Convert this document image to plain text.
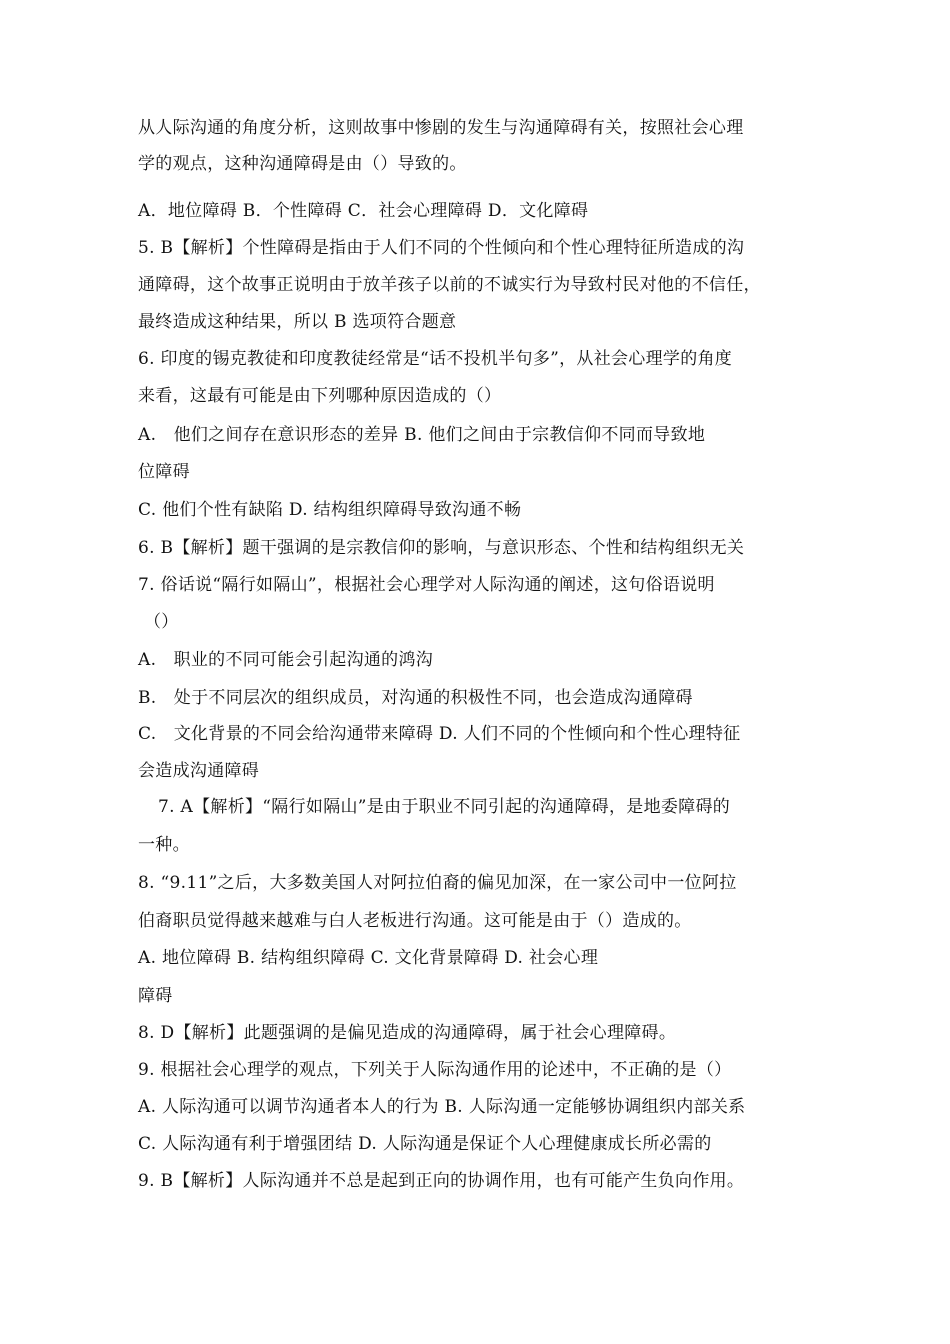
从人际沟通的角度分析，这则故事中惨剧的发生与沟通障碍有关，按照社会心理
学的观点，这种沟通障碍是由（）导致的。
A．地位障碍 B．个性障碍 C．社会心理障碍 D．文化障碍
5. B【解析】个性障碍是指由于人们不同的个性倾向和个性心理特征所造成的沟
通障碍，这个故事正说明由于放羊孩子以前的不诚实行为导致村民对他的不信任，
最终造成这种结果，所以 B 选项符合题意
6. 印度的锡克教徒和印度教徒经常是“话不投机半句多”，从社会心理学的角度
来看，这最有可能是由下列哪种原因造成的（）
A.　他们之间存在意识形态的差异 B. 他们之间由于宗教信仰不同而导致地
位障碍
C. 他们个性有缺陷 D. 结构组织障碍导致沟通不畅
6. B【解析】题干强调的是宗教信仰的影响，与意识形态、个性和结构组织无关
7. 俗话说“隔行如隔山”，根据社会心理学对人际沟通的阐述，这句俗语说明
（）
A.　职业的不同可能会引起沟通的鸿沟
B.　处于不同层次的组织成员，对沟通的积极性不同，也会造成沟通障碍
C.　文化背景的不同会给沟通带来障碍 D. 人们不同的个性倾向和个性心理特征
会造成沟通障碍
7. A【解析】“隔行如隔山”是由于职业不同引起的沟通障碍，是地委障碍的
一种。
8. “9.11”之后，大多数美国人对阿拉伯裔的偏见加深，在一家公司中一位阿拉
伯裔职员觉得越来越难与白人老板进行沟通。这可能是由于（）造成的。
A. 地位障碍 B. 结构组织障碍 C. 文化背景障碍 D. 社会心理
障碍
8. D【解析】此题强调的是偏见造成的沟通障碍，属于社会心理障碍。
9. 根据社会心理学的观点，下列关于人际沟通作用的论述中，不正确的是（）
A. 人际沟通可以调节沟通者本人的行为 B. 人际沟通一定能够协调组织内部关系
C. 人际沟通有利于增强团结 D. 人际沟通是保证个人心理健康成长所必需的
9. B【解析】人际沟通并不总是起到正向的协调作用，也有可能产生负向作用。
